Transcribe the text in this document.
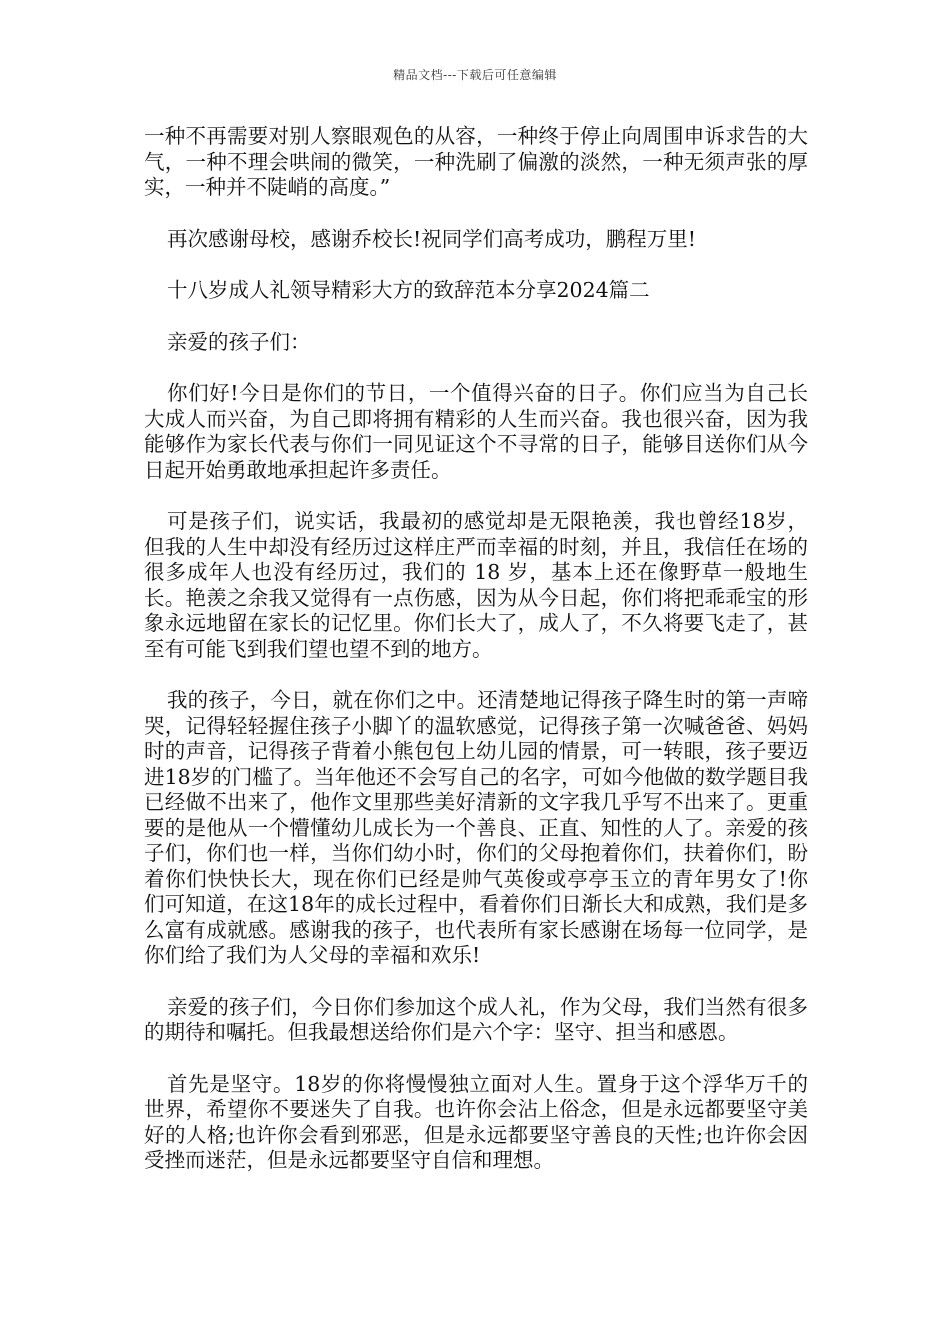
精品文档---下载后可任意编辑

一种不再需要对别人察眼观色的从容，一种终于停止向周围申诉求告的大气，一种不理会哄闹的微笑，一种洗刷了偏激的淡然，一种无须声张的厚实，一种并不陡峭的高度。”

再次感谢母校，感谢乔校长!祝同学们高考成功，鹏程万里!

十八岁成人礼领导精彩大方的致辞范本分享2024篇二

亲爱的孩子们：

你们好!今日是你们的节日，一个值得兴奋的日子。你们应当为自己长大成人而兴奋，为自己即将拥有精彩的人生而兴奋。我也很兴奋，因为我能够作为家长代表与你们一同见证这个不寻常的日子，能够目送你们从今日起开始勇敢地承担起许多责任。

可是孩子们，说实话，我最初的感觉却是无限艳羡，我也曾经18岁，但我的人生中却没有经历过这样庄严而幸福的时刻，并且，我信任在场的很多成年人也没有经历过，我们的 18 岁，基本上还在像野草一般地生长。艳羡之余我又觉得有一点伤感，因为从今日起，你们将把乖乖宝的形象永远地留在家长的记忆里。你们长大了，成人了，不久将要飞走了，甚至有可能飞到我们望也望不到的地方。

我的孩子，今日，就在你们之中。还清楚地记得孩子降生时的第一声啼哭，记得轻轻握住孩子小脚丫的温软感觉，记得孩子第一次喊爸爸、妈妈时的声音，记得孩子背着小熊包包上幼儿园的情景，可一转眼，孩子要迈进18岁的门槛了。当年他还不会写自己的名字，可如今他做的数学题目我已经做不出来了，他作文里那些美好清新的文字我几乎写不出来了。更重要的是他从一个懵懂幼儿成长为一个善良、正直、知性的人了。亲爱的孩子们，你们也一样，当你们幼小时，你们的父母抱着你们，扶着你们，盼着你们快快长大，现在你们已经是帅气英俊或亭亭玉立的青年男女了!你们可知道，在这18年的成长过程中，看着你们日渐长大和成熟，我们是多么富有成就感。感谢我的孩子，也代表所有家长感谢在场每一位同学，是你们给了我们为人父母的幸福和欢乐!

亲爱的孩子们，今日你们参加这个成人礼，作为父母，我们当然有很多的期待和嘱托。但我最想送给你们是六个字：坚守、担当和感恩。

首先是坚守。18岁的你将慢慢独立面对人生。置身于这个浮华万千的世界，希望你不要迷失了自我。也许你会沾上俗念，但是永远都要坚守美好的人格;也许你会看到邪恶，但是永远都要坚守善良的天性;也许你会因受挫而迷茫，但是永远都要坚守自信和理想。
